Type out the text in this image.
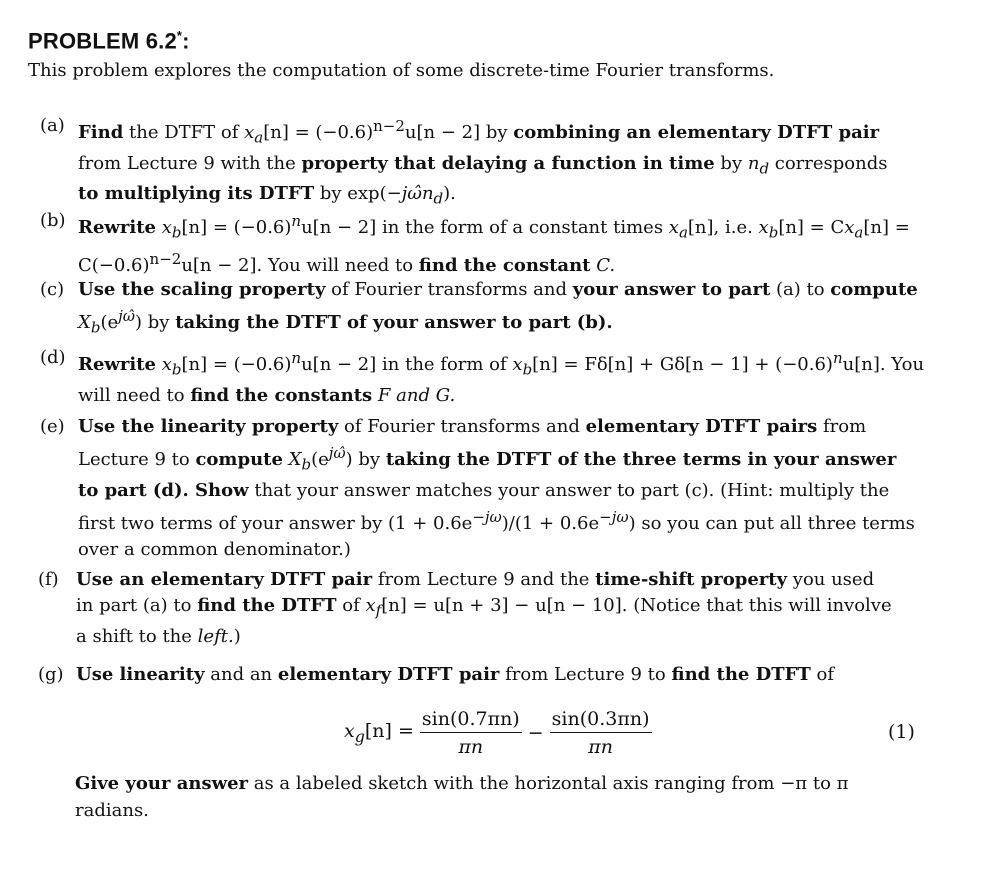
PROBLEM 6.2*:
This problem explores the computation of some discrete-time Fourier transforms.
(a) Find the DTFT of $x_a[n] = (-0.6)^{n-2}u[n - 2]$ by combining an elementary DTFT pair
from Lecture 9 with the property that delaying a function in time by $n_d$ corresponds
to multiplying its DTFT by $\exp(-j\omegân_d)$.
(b) Rewrite $x_b[n] = (-0.6)^nu[n - 2]$ in the form of a constant times $x_a[n]$, i.e. $x_b[n] = Cx_a[n]$ =
$C(-0.6)^{n-2}u[n - 2]$. You will need to find the constant C.
(c) Use the scaling property of Fourier transforms and your answer to part (a) to compute
$X_b(e^{j\omegâ})$ by taking the DTFT of your answer to part (b).
(d) Rewrite $x_b[n] = (-0.6)^nu[n - 2]$ in the form of $x_b[n] = F\delta[n] + G\delta[n - 1] + (-0.6)^nu[n]$. You
will need to find the constants F and G.
(e) Use the linearity property of Fourier transforms and elementary DTFT pairs from
Lecture 9 to compute $X_b(e^{j\omegâ})$ by taking the DTFT of the three terms in your answer
to part (d). Show that your answer matches your answer to part (c). (Hint: multiply the
first two terms of your answer by $(1 + 0.6e^{-j\omega})/(1 + 0.6e^{-j\omega})$ so you can put all three terms
over a common denominator.)
(f) Use an elementary DTFT pair from Lecture 9 and the time-shift property you used
in part (a) to find the DTFT of $x_f[n] = u[n + 3] - u[n - 10]$. (Notice that this will involve
a shift to the left.)
(g) Use linearity and an elementary DTFT pair from Lecture 9 to find the DTFT of
$x_g[n] = \frac{\sin(0.7\pi n)}{\pi n} - \frac{\sin(0.3\pi n)}{\pi n}$	(1)
Give your answer as a labeled sketch with the horizontal axis ranging from −π to π
radians.
